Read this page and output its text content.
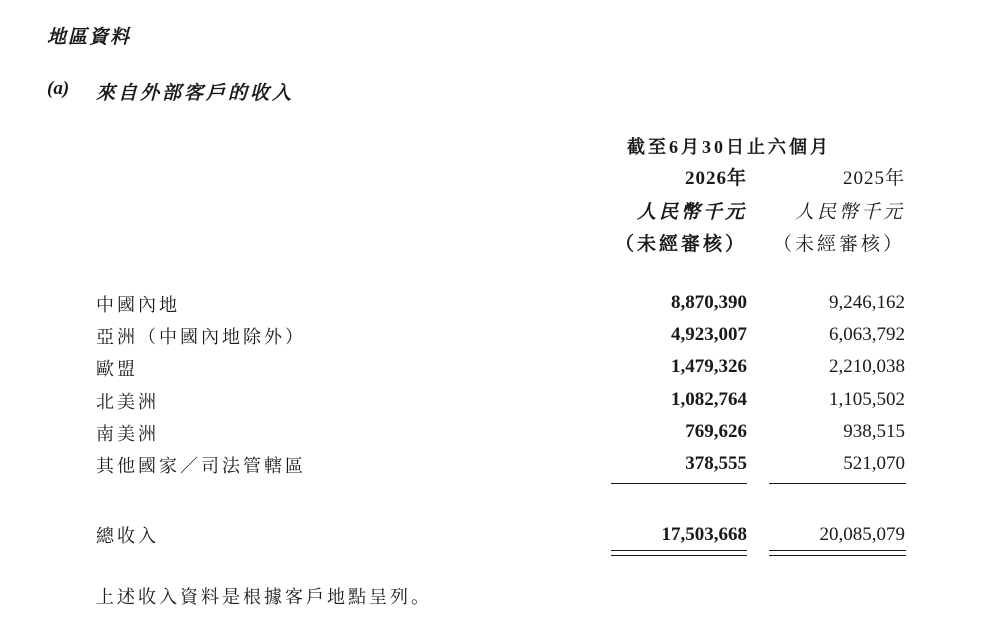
地區資料
(a) 來自外部客戶的收入
截至6月30日止六個月
2026年	2025年
人民幣千元	人民幣千元
（未經審核）	（未經審核）
中國內地	8,870,390	9,246,162
亞洲（中國內地除外）	4,923,007	6,063,792
歐盟	1,479,326	2,210,038
北美洲	1,082,764	1,105,502
南美洲	769,626	938,515
其他國家／司法管轄區	378,555	521,070
總收入	17,503,668	20,085,079
上述收入資料是根據客戶地點呈列。
